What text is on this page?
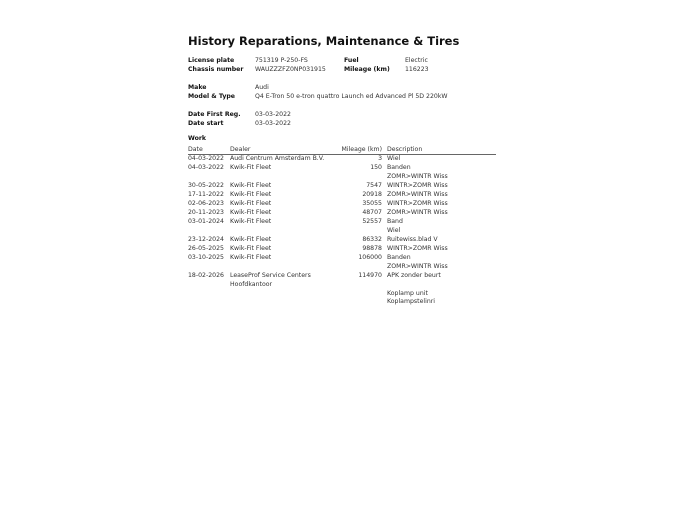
History Reparations, Maintenance & Tires
License plate	751319 P-250-FS	Fuel	Electric
Chassis number WAUZZZFZ0NP031915	Mileage (km) 116223
Make	Audi
Model & Type	Q4 E-Tron 50 e-tron quattro Launch ed Advanced Pl 5D 220kW
Date First Reg. 03-03-2022
Date start	03-03-2022
Work
Date	Dealer	Mileage (km) Description
04-03-2022 Audi Centrum Amsterdam B.V.	3 Wiel
04-03-2022 Kwik-Fit Fleet	150 Banden
ZOMR>WINTR Wiss
30-05-2022 Kwik-Fit Fleet	7547 WINTR>ZOMR Wiss
17-11-2022 Kwik-Fit Fleet	20918 ZOMR>WINTR Wiss
02-06-2023 Kwik-Fit Fleet	35055 WINTR>ZOMR Wiss
20-11-2023 Kwik-Fit Fleet	48707 ZOMR>WINTR Wiss
03-01-2024 Kwik-Fit Fleet	52557 Band
Wiel
23-12-2024 Kwik-Fit Fleet	86332 Ruitewiss.blad V
26-05-2025 Kwik-Fit Fleet	98878 WINTR>ZOMR Wiss
03-10-2025 Kwik-Fit Fleet	106000 Banden
ZOMR>WINTR Wiss
18-02-2026 LeaseProf Service Centers	114970 APK zonder beurt
Hoofdkantoor
Koplamp unit
Koplampstelinri
